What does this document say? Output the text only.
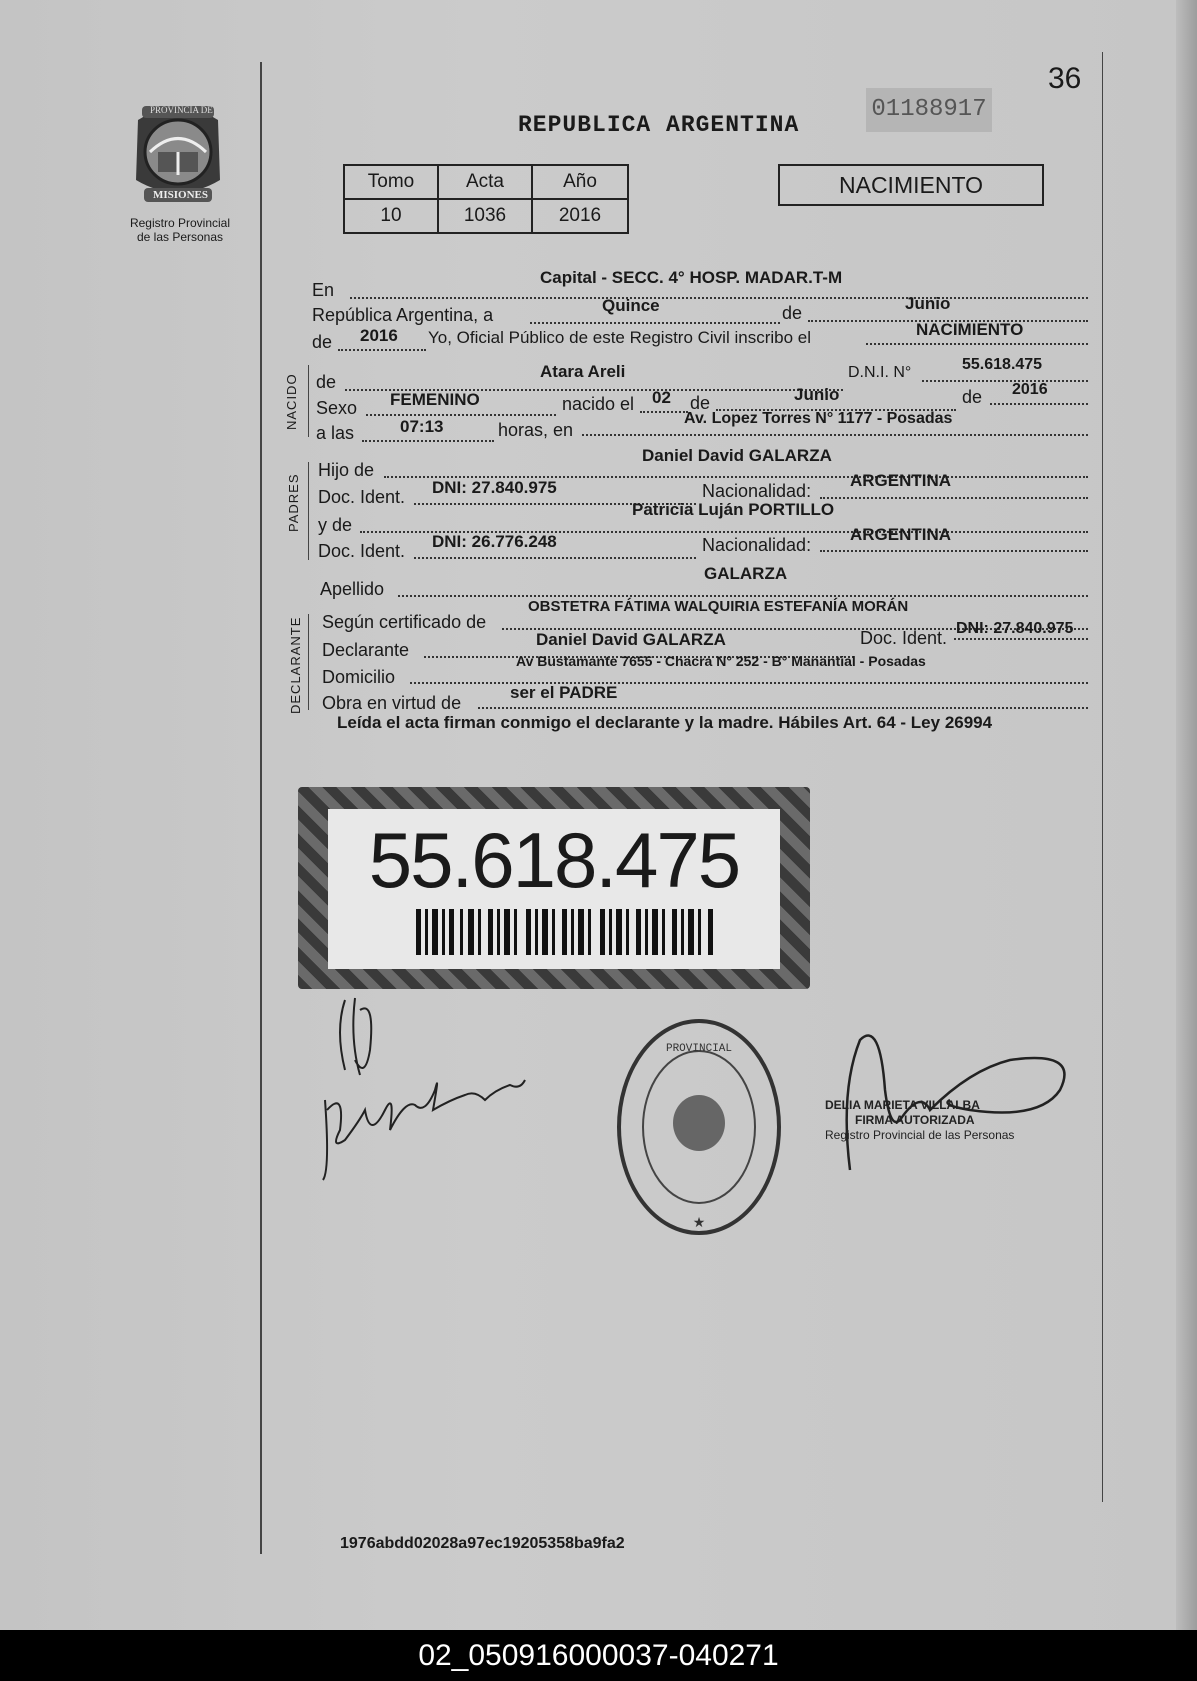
PROVINCIA DE
MISIONES
Registro Provincial
de las Personas
36
REPUBLICA ARGENTINA
01188917
Tomo	Acta	Año
10	1036	2016
NACIMIENTO
En
Capital - SECC. 4° HOSP. MADAR.T-M
República Argentina, a	Quince	de	Junio
de 2016 Yo, Oficial Público de este Registro Civil inscribo el	NACIMIENTO
NACIDO de
Atara Areli	D.N.I. N°	55.618.475
Sexo FEMENINO	nacido el 02 de	Junio	de 2016
a las	07:13	horas, en
Av. Lopez Torres N° 1177 - Posadas
PADRES
Hijo de
Daniel David GALARZA
Doc. Ident. DNI: 27.840.975	Nacionalidad:
ARGENTINA
y de
Patricia Luján PORTILLO
Doc. Ident. DNI: 26.776.248	Nacionalidad:
ARGENTINA
Apellido
GALARZA
DECLARANTE Según certificado de
OBSTETRA FÁTIMA WALQUIRIA ESTEFANÍA MORÁN
Declarante
Daniel David GALARZA	Doc. Ident. DNI: 27.840.975
Domicilio
Av Bustamante 7655 - Chacra N° 252 - B° Manantial - Posadas
Obra en virtud de
ser el PADRE
Leída el acta firman conmigo el declarante y la madre. Hábiles Art. 64 - Ley 26994
55.618.475
PROVINCIAL
★
DELIA MARIETA VILLALBA
FIRMA AUTORIZADA
Registro Provincial de las Personas
1976abdd02028a97ec19205358ba9fa2
02_050916000037-040271
